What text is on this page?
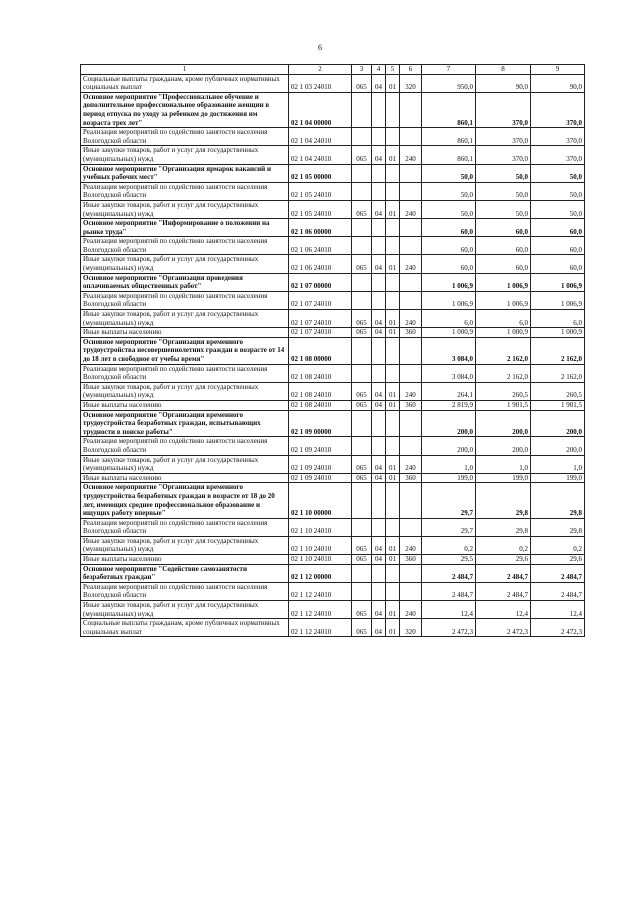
6
1	2	3	4	5	6	7	8	9
Социальные выплаты гражданам, кроме публичных нормативных социальных выплат	02 1 03 24010	065	04	01	320	950,0	90,0	90,0
Основное мероприятие "Профессиональное обучение и дополнительное профессиональное образование женщин в период отпуска по уходу за ребенком до достижения им возраста трех лет"	02 1 04 00000					860,1	370,0	370,0
Реализация мероприятий по содействию занятости населения Вологодской области	02 1 04 24010					860,1	370,0	370,0
Иные закупки товаров, работ и услуг для государственных (муниципальных) нужд	02 1 04 24010	065	04	01	240	860,1	370,0	370,0
Основное мероприятие "Организация ярмарок вакансий и учебных рабочих мест"	02 1 05 00000					50,0	50,0	50,0
Реализация мероприятий по содействию занятости населения Вологодской области	02 1 05 24010					50,0	50,0	50,0
Иные закупки товаров, работ и услуг для государственных (муниципальных) нужд	02 1 05 24010	065	04	01	240	50,0	50,0	50,0
Основное мероприятие "Информирование о положении на рынке труда"	02 1 06 00000					60,0	60,0	60,0
Реализация мероприятий по содействию занятости населения Вологодской области	02 1 06 24010					60,0	60,0	60,0
Иные закупки товаров, работ и услуг для государственных (муниципальных) нужд	02 1 06 24010	065	04	01	240	60,0	60,0	60,0
Основное мероприятие "Организация проведения оплачиваемых общественных работ"	02 1 07 00000					1 006,9	1 006,9	1 006,9
Реализация мероприятий по содействию занятости населения Вологодской области	02 1 07 24010					1 006,9	1 006,9	1 006,9
Иные закупки товаров, работ и услуг для государственных (муниципальных) нужд	02 1 07 24010	065	04	01	240	6,0	6,0	6,0
Иные выплаты населению	02 1 07 24010	065	04	01	360	1 000,9	1 000,9	1 000,9
Основное мероприятие "Организация временного трудоустройства несовершеннолетних граждан в возрасте от 14 до 18 лет в свободное от учебы время"	02 1 08 00000					3 084,0	2 162,0	2 162,0
Реализация мероприятий по содействию занятости населения Вологодской области	02 1 08 24010					3 084,0	2 162,0	2 162,0
Иные закупки товаров, работ и услуг для государственных (муниципальных) нужд	02 1 08 24010	065	04	01	240	264,1	260,5	260,5
Иные выплаты населению	02 1 08 24010	065	04	01	360	2 819,9	1 901,5	1 901,5
Основное мероприятие "Организация временного трудоустройства безработных граждан, испытывающих трудности в поиске работы"	02 1 09 00000					200,0	200,0	200,0
Реализация мероприятий по содействию занятости населения Вологодской области	02 1 09 24010					200,0	200,0	200,0
Иные закупки товаров, работ и услуг для государственных (муниципальных) нужд	02 1 09 24010	065	04	01	240	1,0	1,0	1,0
Иные выплаты населению	02 1 09 24010	065	04	01	360	199,0	199,0	199,0
Основное мероприятие "Организация временного трудоустройства безработных граждан в возрасте от 18 до 20 лет, имеющих среднее профессиональное образование и ищущих работу впервые"	02 1 10 00000					29,7	29,8	29,8
Реализация мероприятий по содействию занятости населения Вологодской области	02 1 10 24010					29,7	29,8	29,8
Иные закупки товаров, работ и услуг для государственных (муниципальных) нужд	02 1 10 24010	065	04	01	240	0,2	0,2	0,2
Иные выплаты населению	02 1 10 24010	065	04	01	360	29,5	29,6	29,6
Основное мероприятие "Содействие самозанятости безработных граждан"	02 1 12 00000					2 484,7	2 484,7	2 484,7
Реализация мероприятий по содействию занятости населения Вологодской области	02 1 12 24010					2 484,7	2 484,7	2 484,7
Иные закупки товаров, работ и услуг для государственных (муниципальных) нужд	02 1 12 24010	065	04	01	240	12,4	12,4	12,4
Социальные выплаты гражданам, кроме публичных нормативных социальных выплат	02 1 12 24010	065	04	01	320	2 472,3	2 472,3	2 472,3
